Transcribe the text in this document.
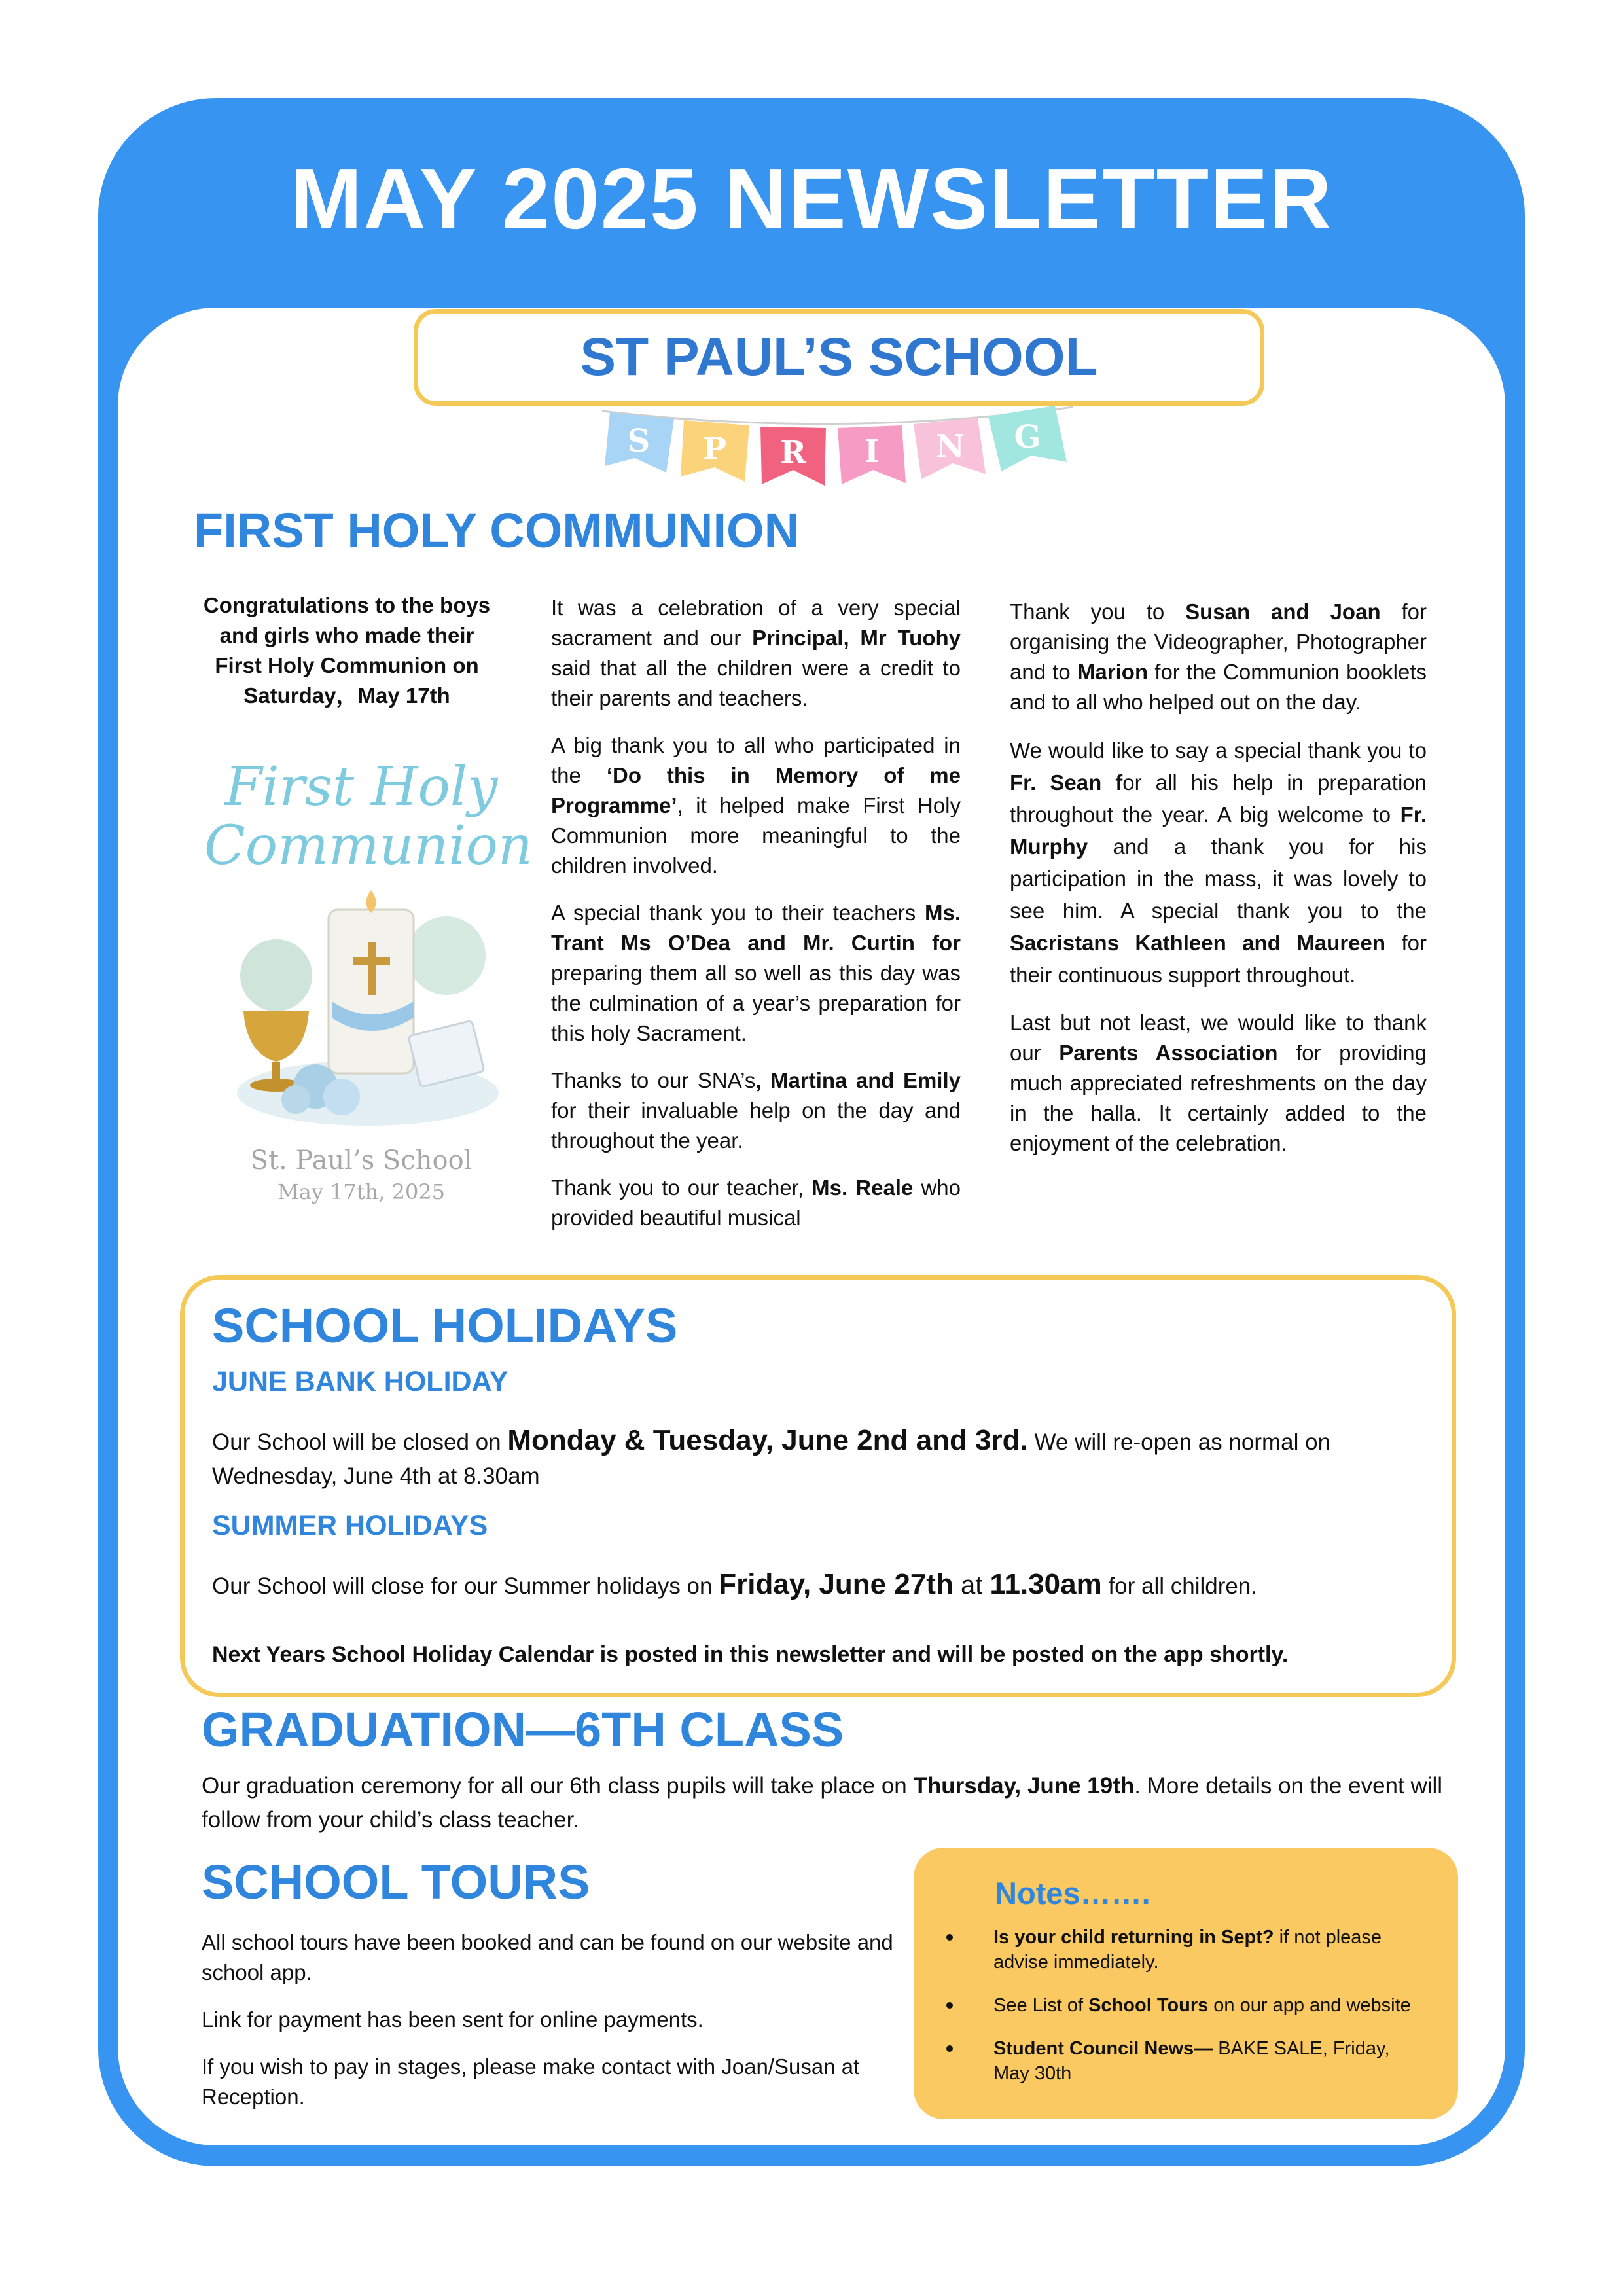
MAY 2025 NEWSLETTER
ST PAUL’S SCHOOL
S P R I N G
FIRST HOLY COMMUNION
Congratulations to the boys
and girls who made their
First Holy Communion on
Saturday，May 17th
First Holy
Communion
St. Paul’s School
May 17th, 2025

It was a celebration of a very special sacrament and our Principal, Mr Tuohy said that all the children were a credit to their parents and teachers.

A big thank you to all who participated in the ‘Do this in Memory of me Programme’, it helped make First Holy Communion more meaningful to the children involved.

A special thank you to their teachers Ms. Trant Ms O’Dea and Mr. Curtin for preparing them all so well as this day was the culmination of a year’s preparation for this holy Sacrament.

Thanks to our SNA’s, Martina and Emily for their invaluable help on the day and throughout the year.

Thank you to our teacher, Ms. Reale who provided beautiful musical

Thank you to Susan and Joan for organising the Videographer, Photographer and to Marion for the Communion booklets and to all who helped out on the day.

We would like to say a special thank you to Fr. Sean for all his help in preparation throughout the year. A big welcome to Fr. Murphy and a thank you for his participation in the mass, it was lovely to see him. A special thank you to the Sacristans Kathleen and Maureen for their continuous support throughout.

Last but not least, we would like to thank our Parents Association for providing much appreciated refreshments on the day in the halla. It certainly added to the enjoyment of the celebration.

SCHOOL HOLIDAYS
JUNE BANK HOLIDAY
Our School will be closed on Monday & Tuesday, June 2nd and 3rd. We will re-open as normal on Wednesday, June 4th at 8.30am
SUMMER HOLIDAYS
Our School will close for our Summer holidays on Friday, June 27th at 11.30am for all children.
Next Years School Holiday Calendar is posted in this newsletter and will be posted on the app shortly.
GRADUATION—6TH CLASS
Our graduation ceremony for all our 6th class pupils will take place on Thursday, June 19th. More details on the event will follow from your child’s class teacher.
SCHOOL TOURS

All school tours have been booked and can be found on our website and school app.

Link for payment has been sent for online payments.

If you wish to pay in stages, please make contact with Joan/Susan at Reception.

Notes…….
Is your child returning in Sept? if not please advise immediately.
See List of School Tours on our app and website
Student Council News— BAKE SALE, Friday, May 30th
